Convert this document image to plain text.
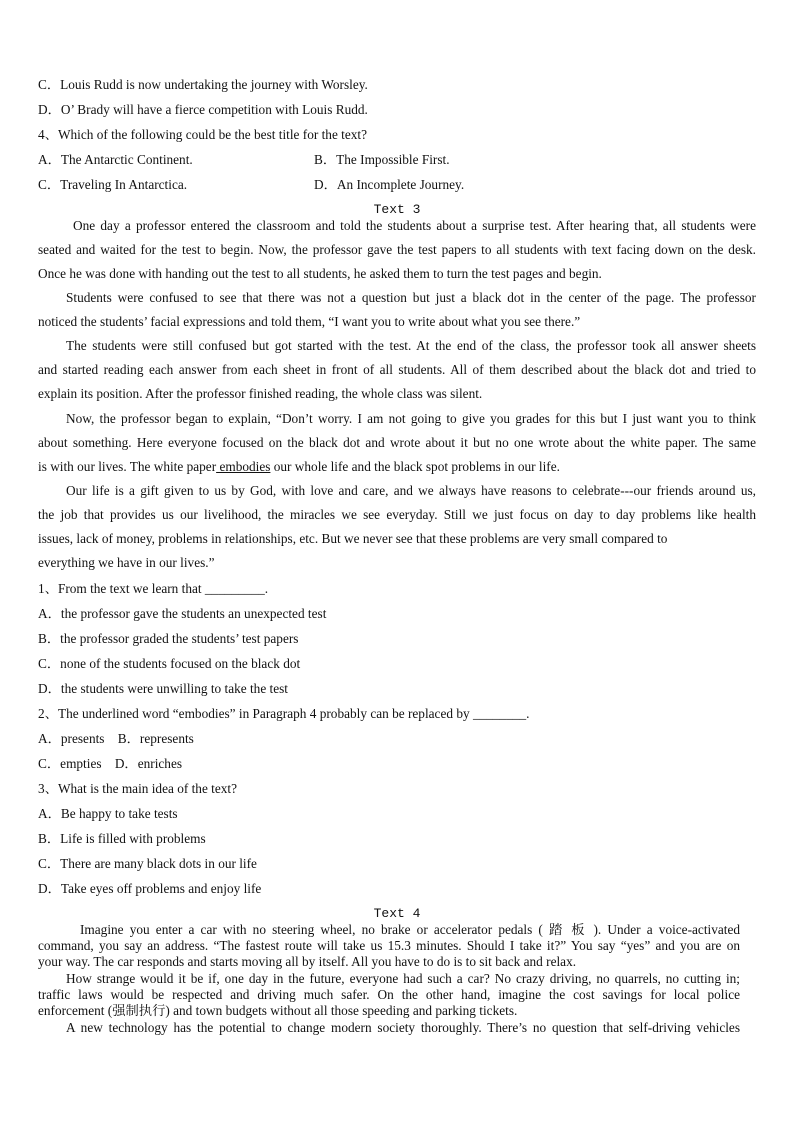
C．Louis Rudd is now undertaking the journey with Worsley.
D．O’ Brady will have a fierce competition with Louis Rudd.
4、Which of the following could be the best title for the text?
A．The Antarctic Continent.	B．The Impossible First.
C．Traveling In Antarctica.	D．An Incomplete Journey.
Text 3
One day a professor entered the classroom and told the students about a surprise test. After hearing that, all students were
seated and waited for the test to begin. Now, the professor gave the test papers to all students with text facing down on the desk.
Once he was done with handing out the test to all students, he asked them to turn the test pages and begin.
Students were confused to see that there was not a question but just a black dot in the center of the page. The professor
noticed the students’ facial expressions and told them, “I want you to write about what you see there.”
The students were still confused but got started with the test. At the end of the class, the professor took all answer sheets
and started reading each answer from each sheet in front of all students. All of them described about the black dot and tried to
explain its position. After the professor finished reading, the whole class was silent.
Now, the professor began to explain, “Don’t worry. I am not going to give you grades for this but I just want you to think
about something. Here everyone focused on the black dot and wrote about it but no one wrote about the white paper. The same
is with our lives. The white paper embodies our whole life and the black spot problems in our life.
Our life is a gift given to us by God, with love and care, and we always have reasons to celebrate---our friends around us,
the job that provides us our livelihood, the miracles we see everyday. Still we just focus on day to day problems like health
issues, lack of money, problems in relationships, etc. But we never see that these problems are very small compared to
everything we have in our lives.”
1、From the text we learn that _________.
A．the professor gave the students an unexpected test
B．the professor graded the students’ test papers
C．none of the students focused on the black dot
D．the students were unwilling to take the test
2、The underlined word “embodies” in Paragraph 4 probably can be replaced by ________.
A．presents　B．represents
C．empties　D．enriches
3、What is the main idea of the text?
A．Be happy to take tests
B．Life is filled with problems
C．There are many black dots in our life
D．Take eyes off problems and enjoy life
Text 4
Imagine you enter a car with no steering wheel, no brake or accelerator pedals ( 踏 板 ). Under a voice-activated
command, you say an address. “The fastest route will take us 15.3 minutes. Should I take it?” You say “yes” and you are on
your way. The car responds and starts moving all by itself. All you have to do is to sit back and relax.
How strange would it be if, one day in the future, everyone had such a car? No crazy driving, no quarrels, no cutting in;
traffic laws would be respected and driving much safer. On the other hand, imagine the cost savings for local police
enforcement (强制执行) and town budgets without all those speeding and parking tickets.
A new technology has the potential to change modern society thoroughly. There’s no question that self-driving vehicles
